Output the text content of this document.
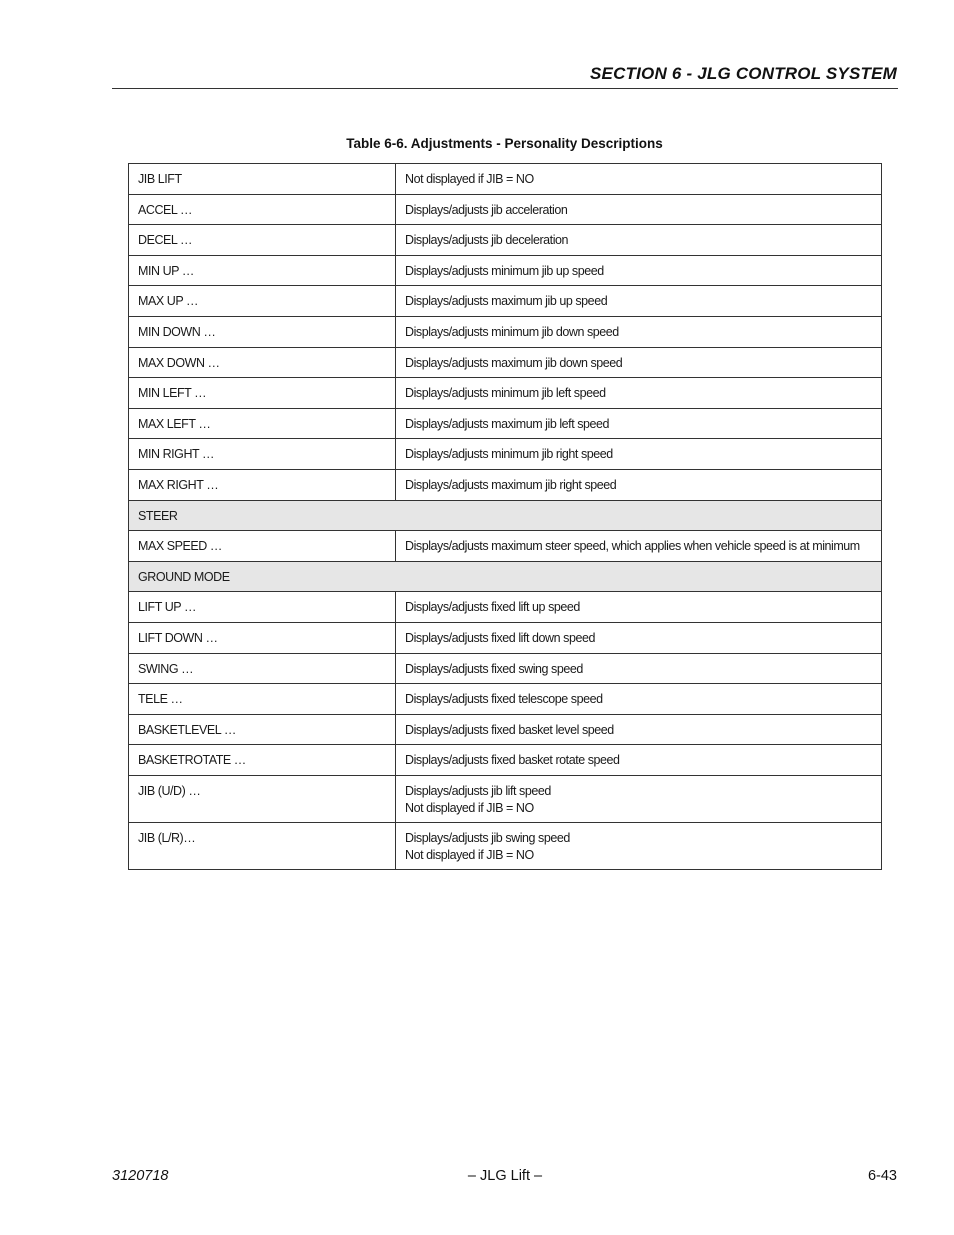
SECTION 6 - JLG CONTROL SYSTEM
Table 6-6. Adjustments - Personality Descriptions
JIB LIFT	Not displayed if JIB = NO

ACCEL …	Displays/adjusts jib acceleration

DECEL …	Displays/adjusts jib deceleration

MIN UP …	Displays/adjusts minimum jib up speed

MAX UP …	Displays/adjusts maximum jib up speed

MIN DOWN …	Displays/adjusts minimum jib down speed

MAX DOWN …	Displays/adjusts maximum jib down speed

MIN LEFT …	Displays/adjusts minimum jib left speed

MAX LEFT …	Displays/adjusts maximum jib left speed

MIN RIGHT …	Displays/adjusts minimum jib right speed

MAX RIGHT …	Displays/adjusts maximum jib right speed

STEER	
MAX SPEED …	Displays/adjusts maximum steer speed, which applies when vehicle speed is at minimum

GROUND MODE	
LIFT UP …	Displays/adjusts fixed lift up speed

LIFT DOWN …	Displays/adjusts fixed lift down speed

SWING …	Displays/adjusts fixed swing speed

TELE …	Displays/adjusts fixed telescope speed

BASKETLEVEL …	Displays/adjusts fixed basket level speed

BASKETROTATE …	Displays/adjusts fixed basket rotate speed

JIB (U/D) …	Displays/adjusts jib lift speed
Not displayed if JIB = NO

JIB (L/R)…	Displays/adjusts jib swing speed
Not displayed if JIB = NO
3120718	– JLG Lift –	6-43
